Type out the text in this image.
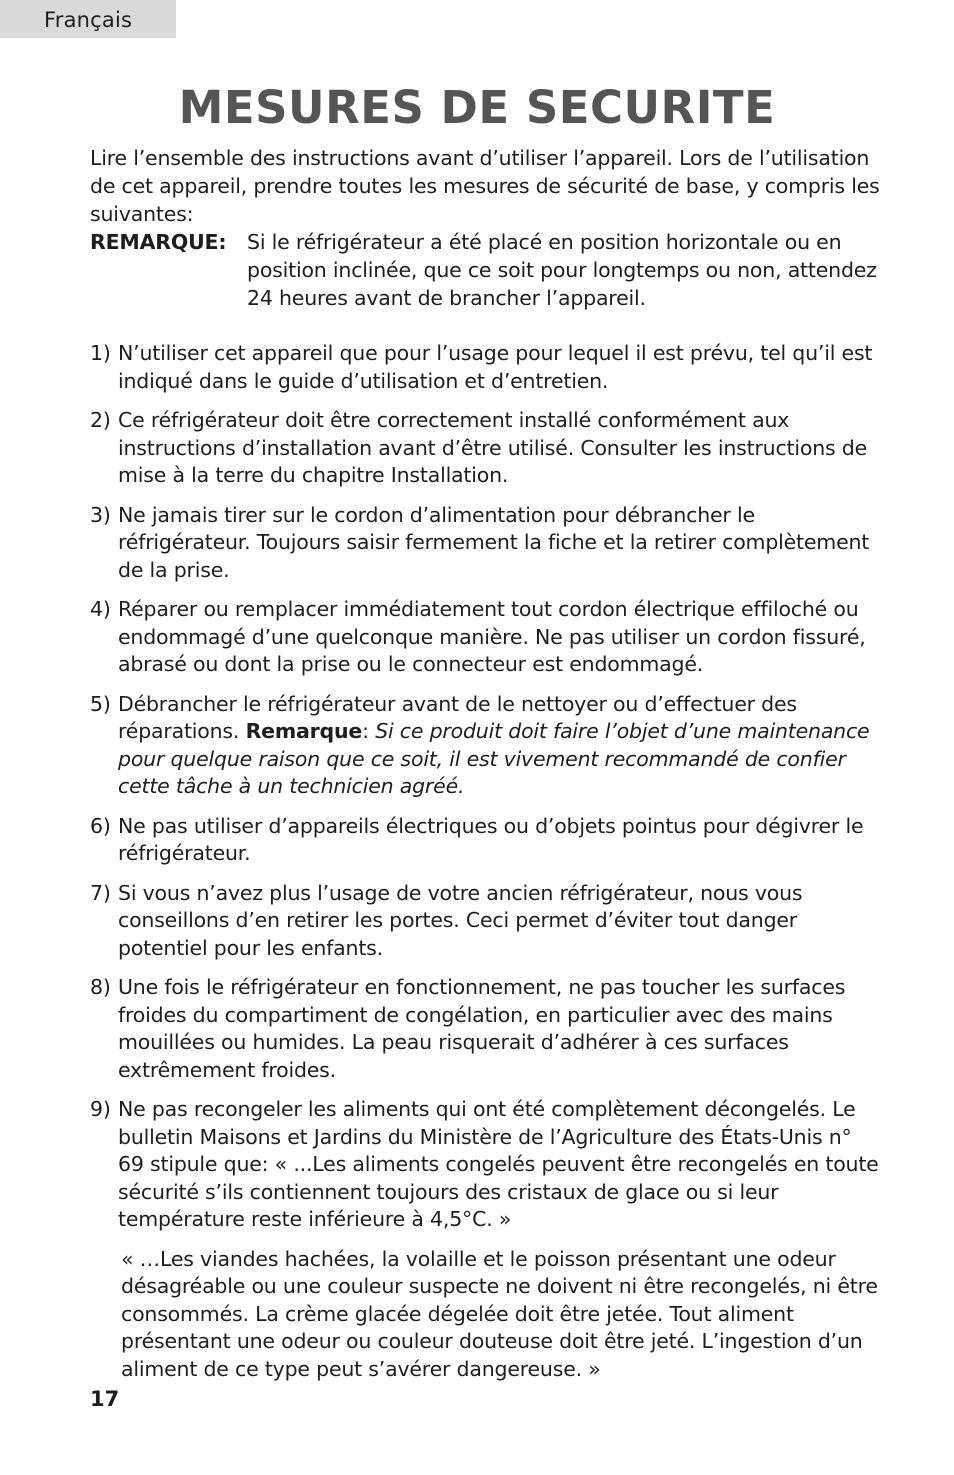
Français
MESURES DE SECURITE

Lire l’ensemble des instructions avant d’utiliser l’appareil. Lors de l’utilisation de cet appareil, prendre toutes les mesures de sécurité de base, y compris les suivantes:

REMARQUE:	Si le réfrigérateur a été placé en position horizontale ou en position inclinée, que ce soit pour longtemps ou non, attendez 24 heures avant de brancher l’appareil.
1) N’utiliser cet appareil que pour l’usage pour lequel il est prévu, tel qu’il est indiqué dans le guide d’utilisation et d’entretien.

2) Ce réfrigérateur doit être correctement installé conformément aux instructions d’installation avant d’être utilisé. Consulter les instructions de mise à la terre du chapitre Installation.

3) Ne jamais tirer sur le cordon d’alimentation pour débrancher le réfrigérateur. Toujours saisir fermement la fiche et la retirer complètement de la prise.

4) Réparer ou remplacer immédiatement tout cordon électrique effiloché ou endommagé d’une quelconque manière. Ne pas utiliser un cordon fissuré, abrasé ou dont la prise ou le connecteur est endommagé.

5) Débrancher le réfrigérateur avant de le nettoyer ou d’effectuer des réparations. Remarque: Si ce produit doit faire l’objet d’une maintenance pour quelque raison que ce soit, il est vivement recommandé de confier cette tâche à un technicien agréé.

6) Ne pas utiliser d’appareils électriques ou d’objets pointus pour dégivrer le réfrigérateur.

7) Si vous n’avez plus l’usage de votre ancien réfrigérateur, nous vous conseillons d’en retirer les portes. Ceci permet d’éviter tout danger potentiel pour les enfants.

8) Une fois le réfrigérateur en fonctionnement, ne pas toucher les surfaces froides du compartiment de congélation, en particulier avec des mains mouillées ou humides. La peau risquerait d’adhérer à ces surfaces extrêmement froides.

9) Ne pas recongeler les aliments qui ont été complètement décongelés. Le bulletin Maisons et Jardins du Ministère de l’Agriculture des États-Unis n° 69 stipule que: « ...Les aliments congelés peuvent être recongelés en toute sécurité s’ils contiennent toujours des cristaux de glace ou si leur température reste inférieure à 4,5°C. »

« …Les viandes hachées, la volaille et le poisson présentant une odeur désagréable ou une couleur suspecte ne doivent ni être recongelés, ni être consommés. La crème glacée dégelée doit être jetée. Tout aliment présentant une odeur ou couleur douteuse doit être jeté. L’ingestion d’un aliment de ce type peut s’avérer dangereuse. »

17
